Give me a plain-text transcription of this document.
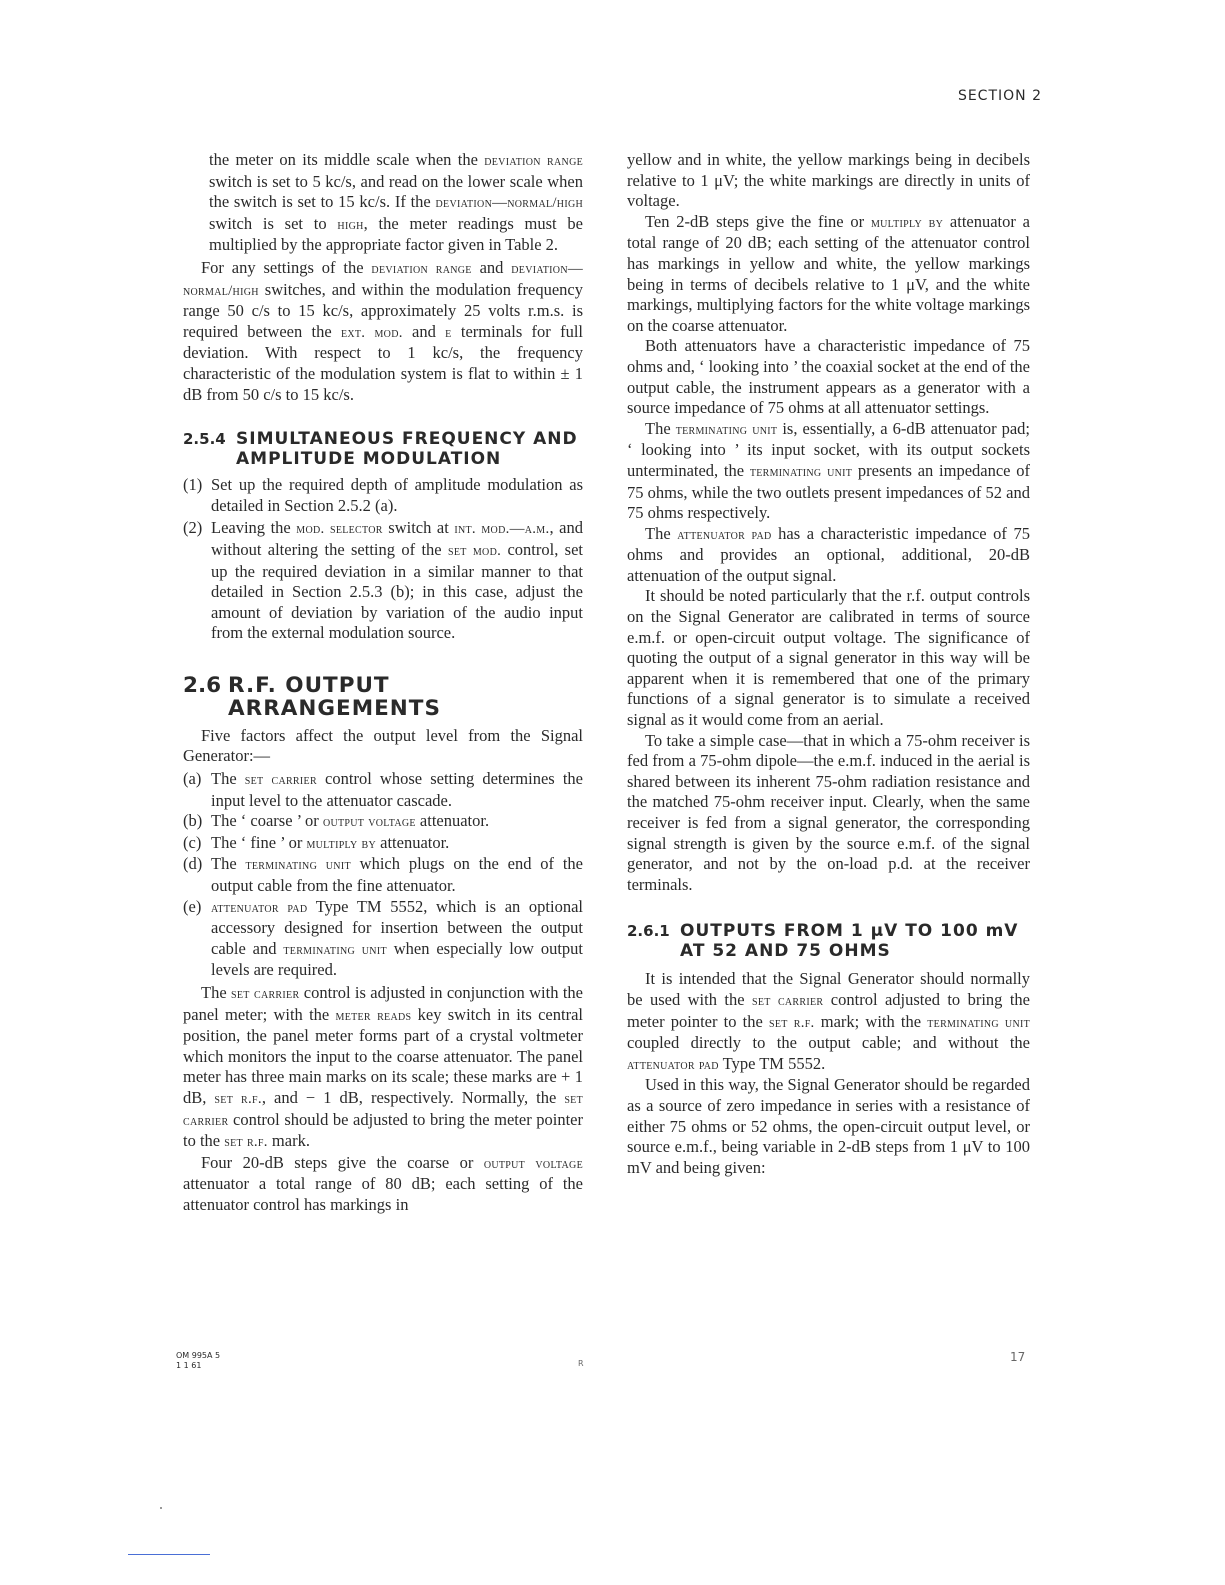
SECTION 2

the meter on its middle scale when the deviation range switch is set to 5 kc/s, and read on the lower scale when the switch is set to 15 kc/s. If the deviation—normal/high switch is set to high, the meter readings must be multiplied by the appropriate factor given in Table 2.

For any settings of the deviation range and deviation—normal/high switches, and within the modulation frequency range 50 c/s to 15 kc/s, approximately 25 volts r.m.s. is required between the ext. mod. and e terminals for full deviation. With respect to 1 kc/s, the frequency characteristic of the modulation system is flat to within ± 1 dB from 50 c/s to 15 kc/s.

2.5.4 SIMULTANEOUS FREQUENCY AND AMPLITUDE MODULATION
(1) Set up the required depth of amplitude modulation as detailed in Section 2.5.2 (a).
(2) Leaving the mod. selector switch at int. mod.—a.m., and without altering the setting of the set mod. control, set up the required deviation in a similar manner to that detailed in Section 2.5.3 (b); in this case, adjust the amount of deviation by variation of the audio input from the external modulation source.
2.6 R.F. OUTPUT ARRANGEMENTS

Five factors affect the output level from the Signal Generator:—

(a) The set carrier control whose setting determines the input level to the attenuator cascade.
(b) The ‘ coarse ’ or output voltage attenuator.
(c) The ‘ fine ’ or multiply by attenuator.
(d) The terminating unit which plugs on the end of the output cable from the fine attenuator.
(e) attenuator pad Type TM 5552, which is an optional accessory designed for insertion between the output cable and terminating unit when especially low output levels are required.

The set carrier control is adjusted in conjunction with the panel meter; with the meter reads key switch in its central position, the panel meter forms part of a crystal voltmeter which monitors the input to the coarse attenuator. The panel meter has three main marks on its scale; these marks are + 1 dB, set r.f., and − 1 dB, respectively. Normally, the set carrier control should be adjusted to bring the meter pointer to the set r.f. mark.

Four 20-dB steps give the coarse or output voltage attenuator a total range of 80 dB; each setting of the attenuator control has markings in

yellow and in white, the yellow markings being in decibels relative to 1 μV; the white markings are directly in units of voltage.

Ten 2-dB steps give the fine or multiply by attenuator a total range of 20 dB; each setting of the attenuator control has markings in yellow and white, the yellow markings being in terms of decibels relative to 1 μV, and the white markings, multiplying factors for the white voltage markings on the coarse attenuator.

Both attenuators have a characteristic impedance of 75 ohms and, ‘ looking into ’ the coaxial socket at the end of the output cable, the instrument appears as a generator with a source impedance of 75 ohms at all attenuator settings.

The terminating unit is, essentially, a 6-dB attenuator pad; ‘ looking into ’ its input socket, with its output sockets unterminated, the terminating unit presents an impedance of 75 ohms, while the two outlets present impedances of 52 and 75 ohms respectively.

The attenuator pad has a characteristic impedance of 75 ohms and provides an optional, additional, 20-dB attenuation of the output signal.

It should be noted particularly that the r.f. output controls on the Signal Generator are calibrated in terms of source e.m.f. or open-circuit output voltage. The significance of quoting the output of a signal generator in this way will be apparent when it is remembered that one of the primary functions of a signal generator is to simulate a received signal as it would come from an aerial.

To take a simple case—that in which a 75-ohm receiver is fed from a 75-ohm dipole—the e.m.f. induced in the aerial is shared between its inherent 75-ohm radiation resistance and the matched 75-ohm receiver input. Clearly, when the same receiver is fed from a signal generator, the corresponding signal strength is given by the source e.m.f. of the signal generator, and not by the on-load p.d. at the receiver terminals.

2.6.1 OUTPUTS FROM 1 μV TO 100 mV AT 52 AND 75 OHMS

It is intended that the Signal Generator should normally be used with the set carrier control adjusted to bring the meter pointer to the set r.f. mark; with the terminating unit coupled directly to the output cable; and without the attenuator pad Type TM 5552.

Used in this way, the Signal Generator should be regarded as a source of zero impedance in series with a resistance of either 75 ohms or 52 ohms, the open-circuit output level, or source e.m.f., being variable in 2-dB steps from 1 μV to 100 mV and being given:

OM 995A 5
1 1 61	R	17
